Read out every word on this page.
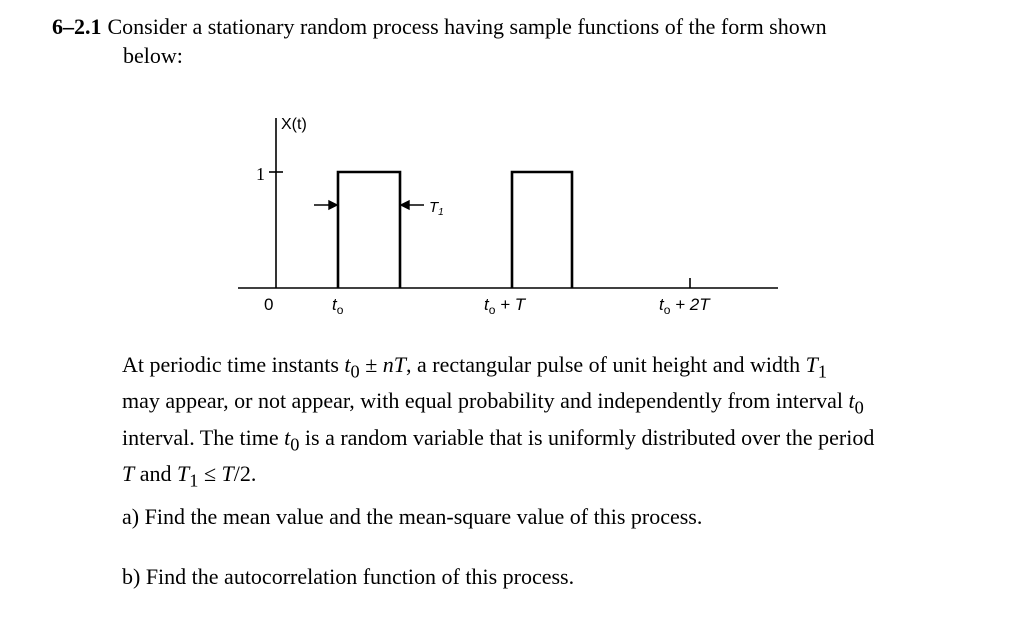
6–2.1 Consider a stationary random process having sample functions of the form shown
below:
X(t)
1
$T_1$
0	$t_o$	$t_o + T$	$t_o + 2T$
At periodic time instants $t_0$ ± nT, a rectangular pulse of unit height and width $T_1$
may appear, or not appear, with equal probability and independently from interval $t_0$
interval. The time $t_0$ is a random variable that is uniformly distributed over the period
T and $T_1 \le T/2$.
a) Find the mean value and the mean-square value of this process.
b) Find the autocorrelation function of this process.
